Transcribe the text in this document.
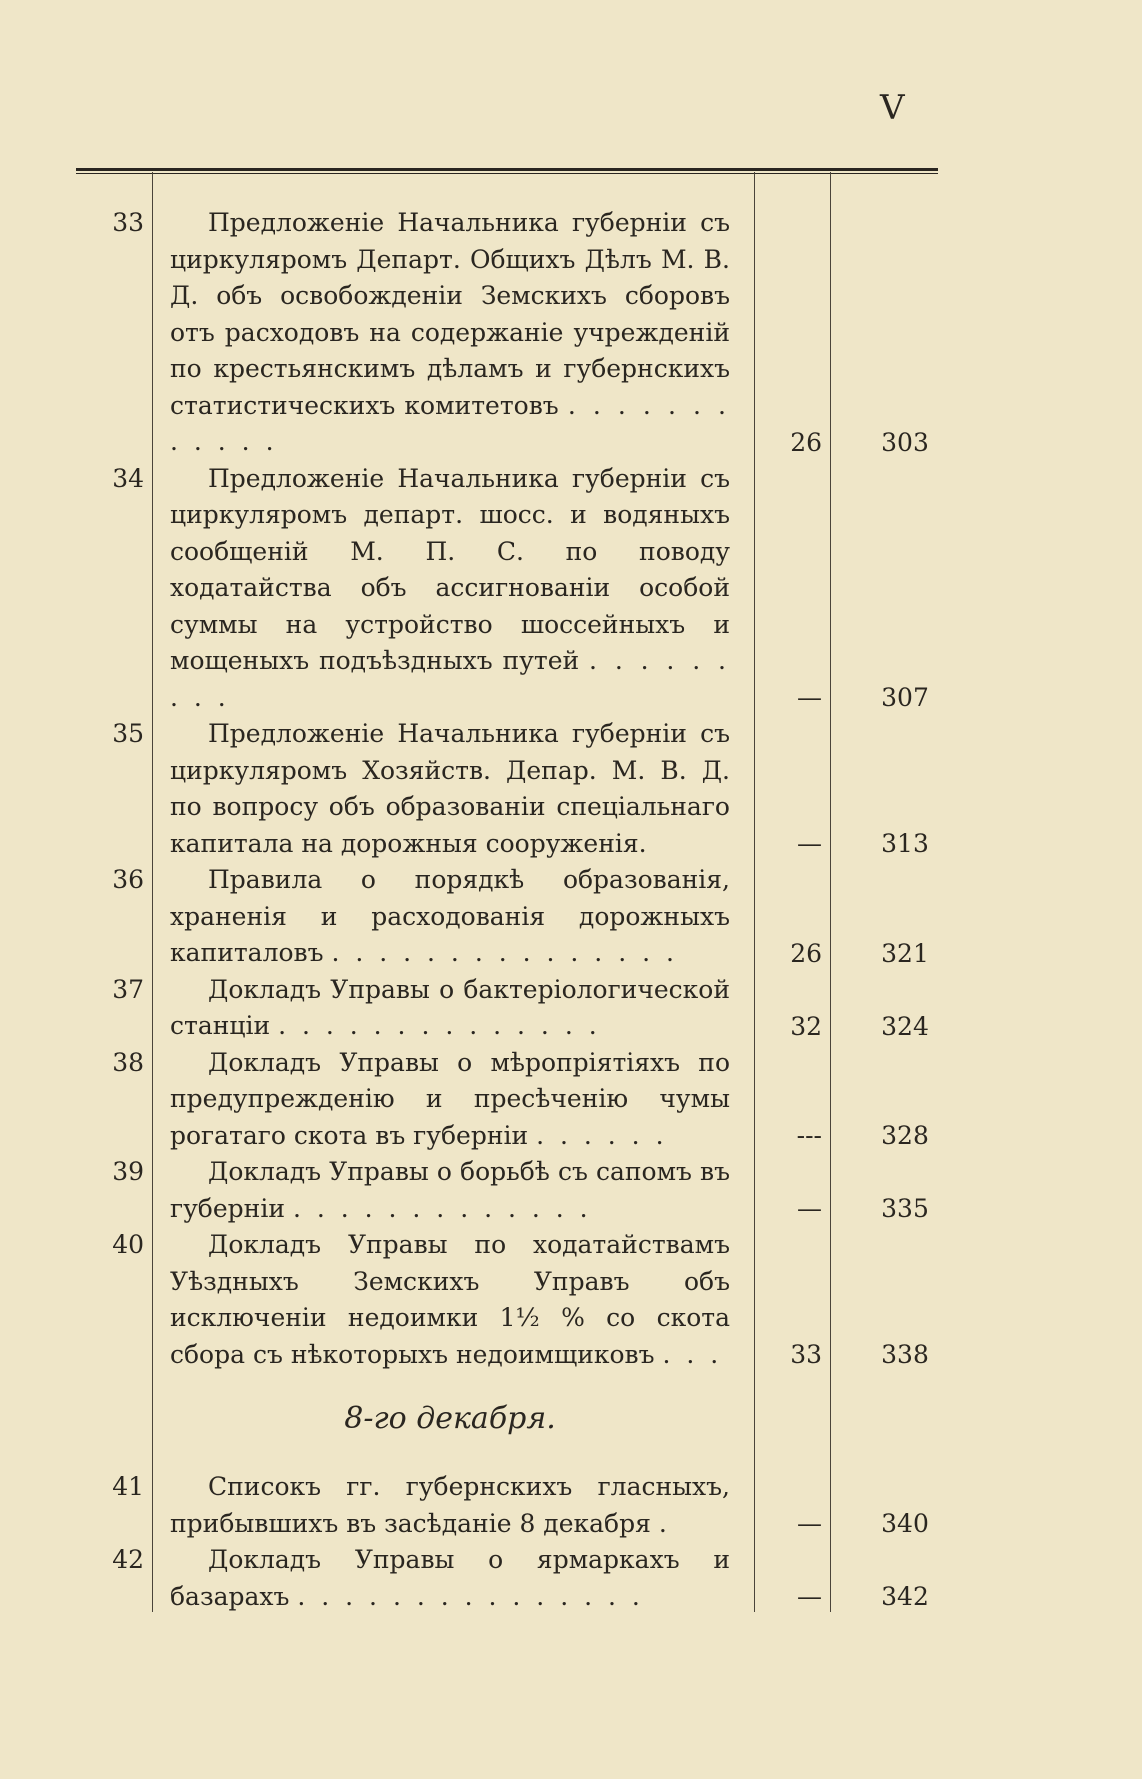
V
33	Предложеніе Начальника губерніи съ циркуляромъ Департ. Общихъ Дѣлъ М. В. Д. объ освобожденіи Земскихъ сборовъ отъ расходовъ на содержаніе учрежденій по крестьянскимъ дѣламъ и губернскихъ статистическихъ комитетовъ . . . . . . . . . . . .	26	303
34	Предложеніе Начальника губерніи съ циркуляромъ департ. шосс. и водяныхъ сообщеній М. П. С. по поводу ходатайства объ ассигнованіи особой суммы на устройство шоссейныхъ и мощеныхъ подъѣздныхъ путей . . . . . . . . .	—	307
35	Предложеніе Начальника губерніи съ циркуляромъ Хозяйств. Депар. М. В. Д. по вопросу объ образованіи спеціальнаго капитала на дорожныя сооруженія.	—	313
36	Правила о порядкѣ образованія, храненія и расходованія дорожныхъ капиталовъ . . . . . . . . . . . . . . .	26	321
37	Докладъ Управы о бактеріологической станціи . . . . . . . . . . . . . .	32	324
38	Докладъ Управы о мѣропріятіяхъ по предупрежденію и пресѣченію чумы рогатаго скота въ губерніи . . . . . .	---	328
39	Докладъ Управы о борьбѣ съ сапомъ въ губерніи . . . . . . . . . . . . .	—	335
40	Докладъ Управы по ходатайствамъ Уѣздныхъ Земскихъ Управъ объ исключеніи недоимки 1½ % со скота сбора съ нѣкоторыхъ недоимщиковъ . . .	33	338
8-го декабря.
41	Списокъ гг. губернскихъ гласныхъ, прибывшихъ въ засѣданіе 8 декабря .	—	340
42	Докладъ Управы о ярмаркахъ и базарахъ . . . . . . . . . . . . . . .	—	342
